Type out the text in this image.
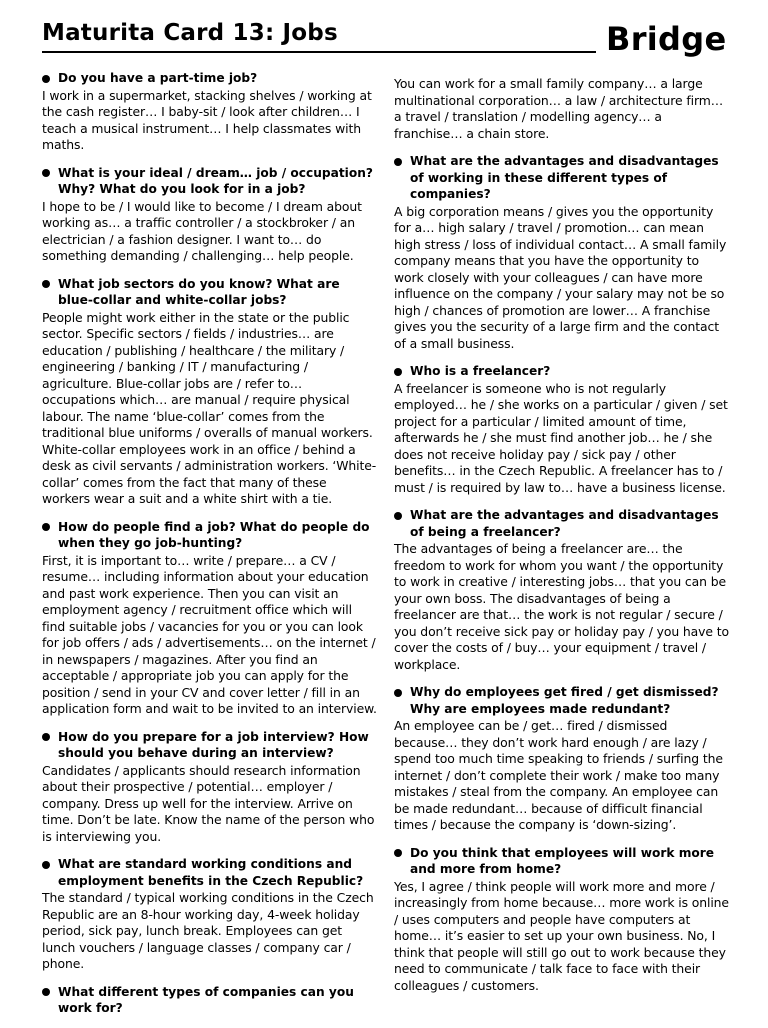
Maturita Card 13: Jobs	Bridge
Do you have a part-time job?
I work in a supermarket, stacking shelves / working at the cash register… I baby-sit / look after children… I teach a musical instrument… I help classmates with maths.
What is your ideal / dream… job / occupation? Why? What do you look for in a job?
I hope to be / I would like to become / I dream about working as… a traffic controller / a stockbroker / an electrician / a fashion designer. I want to… do something demanding / challenging… help people.
What job sectors do you know? What are blue-collar and white-collar jobs?
People might work either in the state or the public sector. Specific sectors / fields / industries… are education / publishing / healthcare / the military / engineering / banking / IT / manufacturing / agriculture. Blue-collar jobs are / refer to… occupations which… are manual / require physical labour. The name ‘blue-collar’ comes from the traditional blue uniforms / overalls of manual workers. White-collar employees work in an office / behind a desk as civil servants / administration workers. ‘White-collar’ comes from the fact that many of these workers wear a suit and a white shirt with a tie.
How do people find a job? What do people do when they go job-hunting?
First, it is important to… write / prepare… a CV / resume… including information about your education and past work experience. Then you can visit an employment agency / recruitment office which will find suitable jobs / vacancies for you or you can look for job offers / ads / advertisements… on the internet / in newspapers / magazines. After you find an acceptable / appropriate job you can apply for the position / send in your CV and cover letter / fill in an application form and wait to be invited to an interview.
How do you prepare for a job interview? How should you behave during an interview?
Candidates / applicants should research information about their prospective / potential… employer / company. Dress up well for the interview. Arrive on time. Don’t be late. Know the name of the person who is interviewing you.
What are standard working conditions and employment benefits in the Czech Republic?
The standard / typical working conditions in the Czech Republic are an 8-hour working day, 4-week holiday period, sick pay, lunch break. Employees can get lunch vouchers / language classes / company car / phone.
What different types of companies can you work for?
You can work for a small family company… a large multinational corporation… a law / architecture firm… a travel / translation / modelling agency… a franchise… a chain store.
What are the advantages and disadvantages of working in these different types of companies?
A big corporation means / gives you the opportunity for a… high salary / travel / promotion… can mean high stress / loss of individual contact… A small family company means that you have the opportunity to work closely with your colleagues / can have more influence on the company / your salary may not be so high / chances of promotion are lower… A franchise gives you the security of a large firm and the contact of a small business.
Who is a freelancer?
A freelancer is someone who is not regularly employed… he / she works on a particular / given / set project for a particular / limited amount of time, afterwards he / she must find another job… he / she does not receive holiday pay / sick pay / other benefits… in the Czech Republic. A freelancer has to / must / is required by law to… have a business license.
What are the advantages and disadvantages of being a freelancer?
The advantages of being a freelancer are… the freedom to work for whom you want / the opportunity to work in creative / interesting jobs… that you can be your own boss. The disadvantages of being a freelancer are that… the work is not regular / secure / you don’t receive sick pay or holiday pay / you have to cover the costs of / buy… your equipment / travel / workplace.
Why do employees get fired / get dismissed? Why are employees made redundant?
An employee can be / get… fired / dismissed because… they don’t work hard enough / are lazy / spend too much time speaking to friends / surfing the internet / don’t complete their work / make too many mistakes / steal from the company. An employee can be made redundant… because of difficult financial times / because the company is ‘down-sizing’.
Do you think that employees will work more and more from home?
Yes, I agree / think people will work more and more / increasingly from home because… more work is online / uses computers and people have computers at home… it’s easier to set up your own business. No, I think that people will still go out to work because they need to communicate / talk face to face with their colleagues / customers.
